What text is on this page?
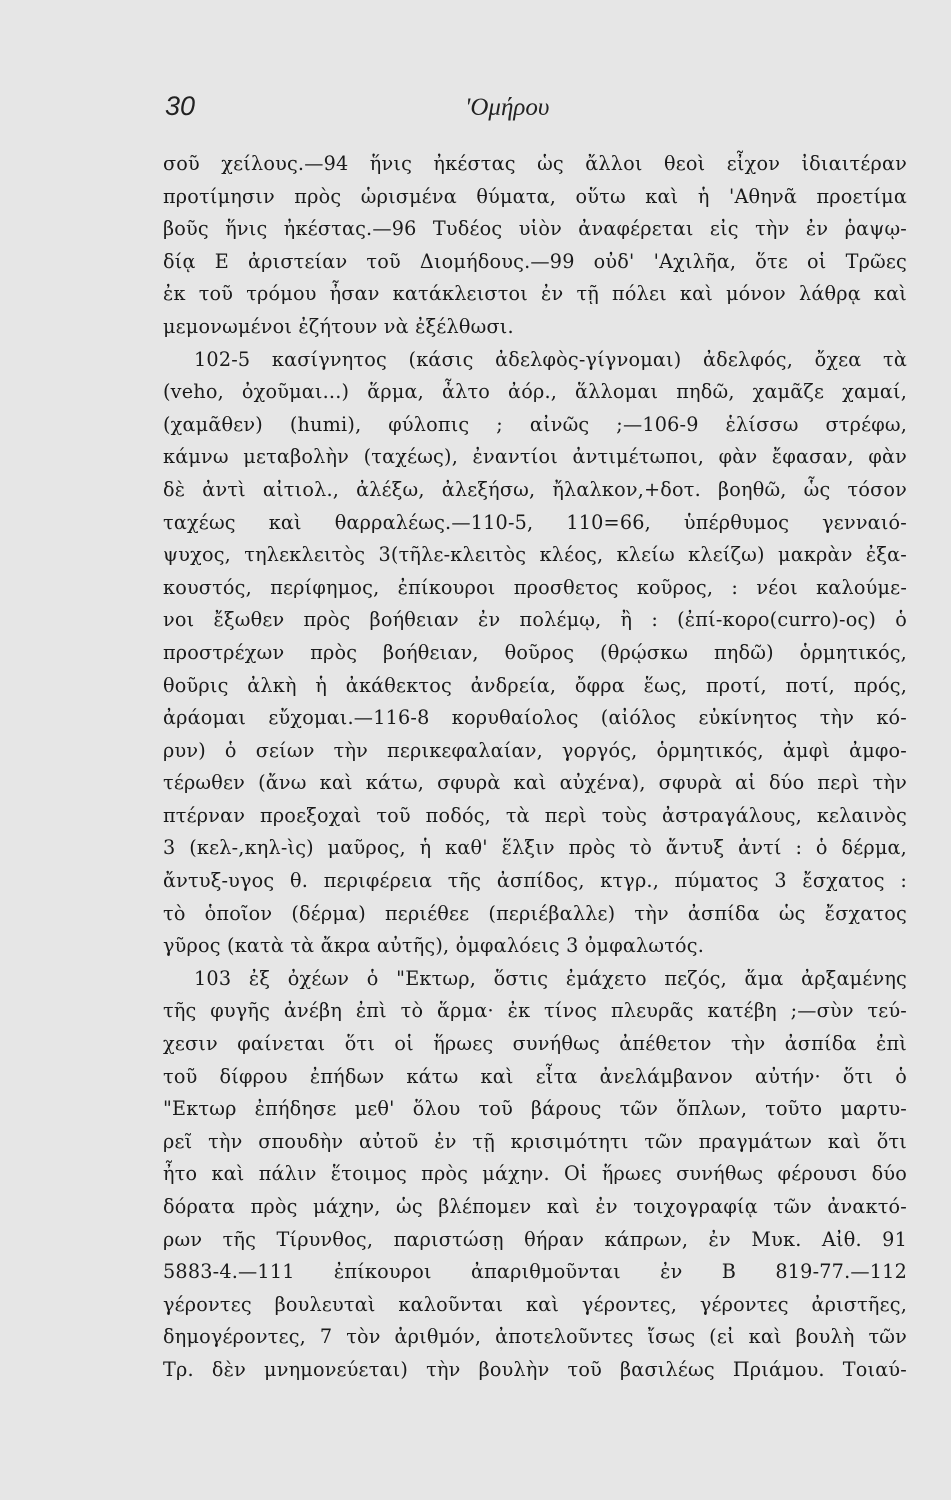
30	'Ομήρου
σοῦ χείλους.—94 ἥνις ἠκέστας ὡς ἄλλοι θεοὶ εἶχον ἰδιαιτέραν
προτίμησιν πρὸς ὡρισμένα θύματα, οὕτω καὶ ἡ 'Αθηνᾶ προετίμα
βοῦς ἥνις ἠκέστας.—96 Τυδέος υἱὸν ἀναφέρεται εἰς τὴν ἐν ῥαψῳ-
δίᾳ Ε ἀριστείαν τοῦ Διομήδους.—99 οὐδ' 'Αχιλῆα, ὅτε οἱ Τρῶες
ἐκ τοῦ τρόμου ἦσαν κατάκλειστοι ἐν τῇ πόλει καὶ μόνον λάθρᾳ καὶ
μεμονωμένοι ἐζήτουν νὰ ἐξέλθωσι.
102-5 κασίγνητος (κάσις ἀδελφὸς-γίγνομαι) ἀδελφός, ὄχεα τὰ
(veho, ὀχοῦμαι...) ἅρμα, ἆλτο ἀόρ., ἅλλομαι πηδῶ, χαμᾶζε χαμαί,
(χαμᾶθεν) (humi), φύλοπις ; αἰνῶς ;—106-9 ἑλίσσω στρέφω,
κάμνω μεταβολὴν (ταχέως), ἐναντίοι ἀντιμέτωποι, φὰν ἔφασαν, φὰν
δὲ ἀντὶ αἰτιολ., ἀλέξω, ἀλεξήσω, ἤλαλκον,+δοτ. βοηθῶ, ὧς τόσον
ταχέως καὶ θαρραλέως.—110-5, 110=66, ὑπέρθυμος γενναιό-
ψυχος, τηλεκλειτὸς 3(τῆλε-κλειτὸς κλέος, κλείω κλείζω) μακρὰν ἐξα-
κουστός, περίφημος, ἐπίκουροι προσθετος κοῦρος, : νέοι καλούμε-
νοι ἔξωθεν πρὸς βοήθειαν ἐν πολέμῳ, ἢ : (ἐπί-κορο(curro)-ος) ὁ
προστρέχων πρὸς βοήθειαν, θοῦρος (θρῴσκω πηδῶ) ὁρμητικός,
θοῦρις ἀλκὴ ἡ ἀκάθεκτος ἀνδρεία, ὄφρα ἕως, προτί, ποτί, πρός,
ἀράομαι εὔχομαι.—116-8 κορυθαίολος (αἰόλος εὐκίνητος τὴν κό-
ρυν) ὁ σείων τὴν περικεφαλαίαν, γοργός, ὁρμητικός, ἀμφὶ ἀμφο-
τέρωθεν (ἄνω καὶ κάτω, σφυρὰ καὶ αὐχένα), σφυρὰ αἱ δύο περὶ τὴν
πτέρναν προεξοχαὶ τοῦ ποδός, τὰ περὶ τοὺς ἀστραγάλους, κελαινὸς
3 (κελ-,κηλ-ὶς) μαῦρος, ἡ καθ' ἕλξιν πρὸς τὸ ἄντυξ ἀντί : ὁ δέρμα,
ἄντυξ-υγος θ. περιφέρεια τῆς ἀσπίδος, κτγρ., πύματος 3 ἔσχατος :
τὸ ὁποῖον (δέρμα) περιέθεε (περιέβαλλε) τὴν ἀσπίδα ὡς ἔσχατος
γῦρος (κατὰ τὰ ἄκρα αὐτῆς), ὀμφαλόεις 3 ὀμφαλωτός.
103 ἐξ ὀχέων ὁ "Εκτωρ, ὅστις ἐμάχετο πεζός, ἅμα ἀρξαμένης
τῆς φυγῆς ἀνέβη ἐπὶ τὸ ἅρμα· ἐκ τίνος πλευρᾶς κατέβη ;—σὺν τεύ-
χεσιν φαίνεται ὅτι οἱ ἥρωες συνήθως ἀπέθετον τὴν ἀσπίδα ἐπὶ
τοῦ δίφρου ἐπήδων κάτω καὶ εἶτα ἀνελάμβανον αὐτήν· ὅτι ὁ
"Εκτωρ ἐπήδησε μεθ' ὅλου τοῦ βάρους τῶν ὅπλων, τοῦτο μαρτυ-
ρεῖ τὴν σπουδὴν αὐτοῦ ἐν τῇ κρισιμότητι τῶν πραγμάτων καὶ ὅτι
ἦτο καὶ πάλιν ἕτοιμος πρὸς μάχην. Οἱ ἥρωες συνήθως φέρουσι δύο
δόρατα πρὸς μάχην, ὡς βλέπομεν καὶ ἐν τοιχογραφίᾳ τῶν ἀνακτό-
ρων τῆς Τίρυνθος, παριστώσῃ θήραν κάπρων, ἐν Μυκ. Αἰθ. 91
5883-4.—111 ἐπίκουροι ἀπαριθμοῦνται ἐν Β 819-77.—112
γέροντες βουλευταὶ καλοῦνται καὶ γέροντες, γέροντες ἀριστῆες,
δημογέροντες, 7 τὸν ἀριθμόν, ἀποτελοῦντες ἴσως (εἰ καὶ βουλὴ τῶν
Τρ. δὲν μνημονεύεται) τὴν βουλὴν τοῦ βασιλέως Πριάμου. Τοιαύ-
